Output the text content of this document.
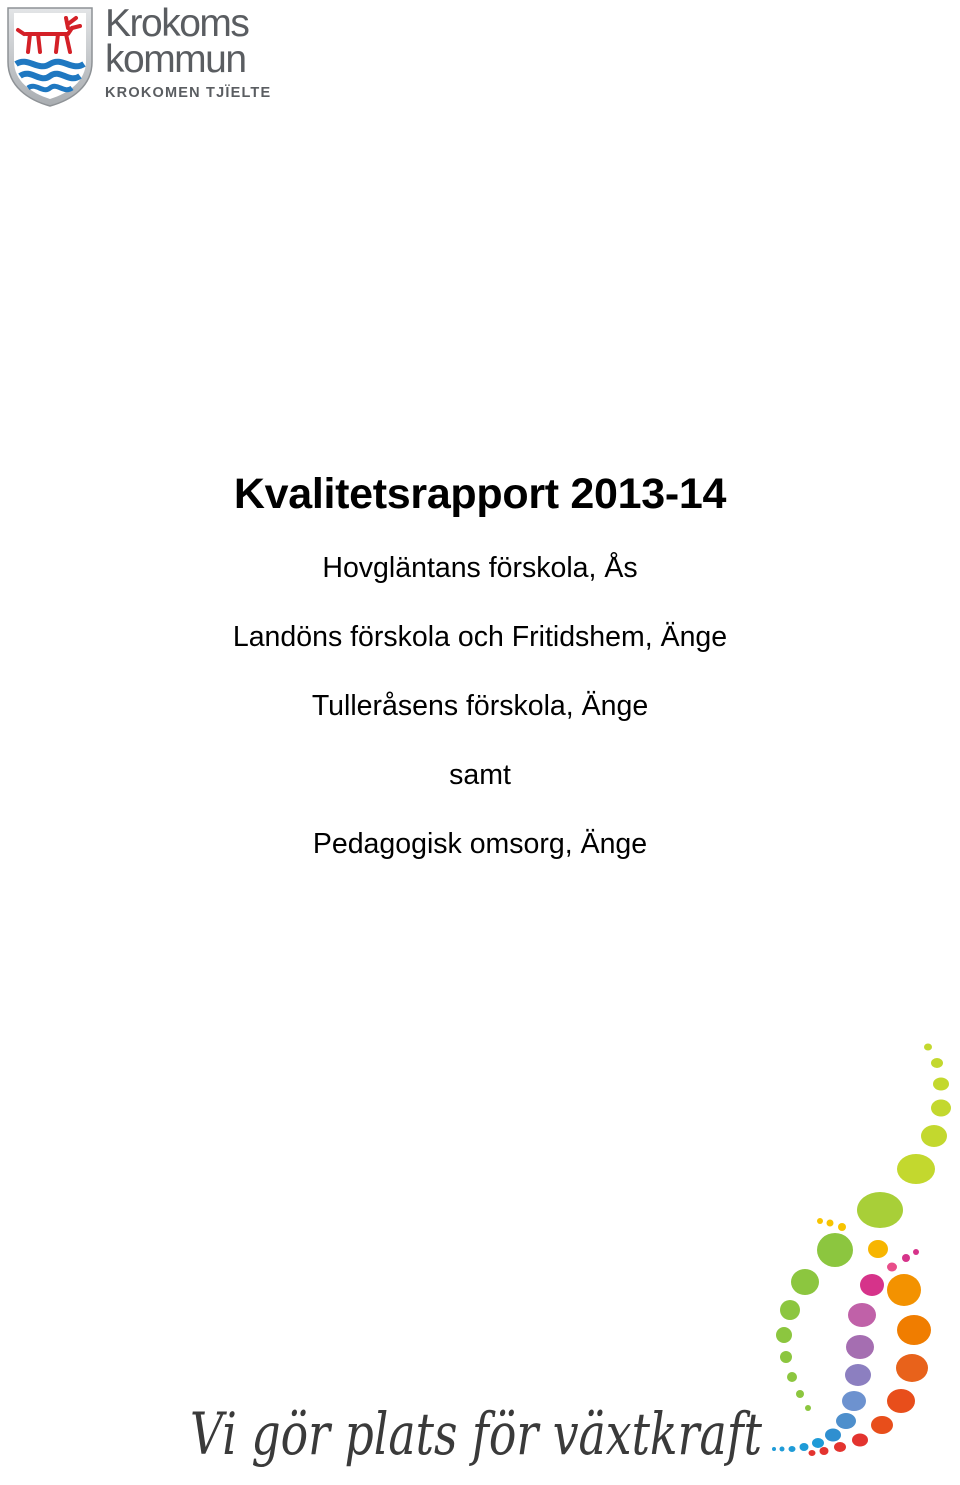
Krokoms
kommun
KROKOMEN TJÏELTE
Kvalitetsrapport 2013-14
Hovgläntans förskola, Ås
Landöns förskola och Fritidshem, Änge
Tulleråsens förskola, Änge
samt
Pedagogisk omsorg, Änge
Vi gör plats för växtkraft
